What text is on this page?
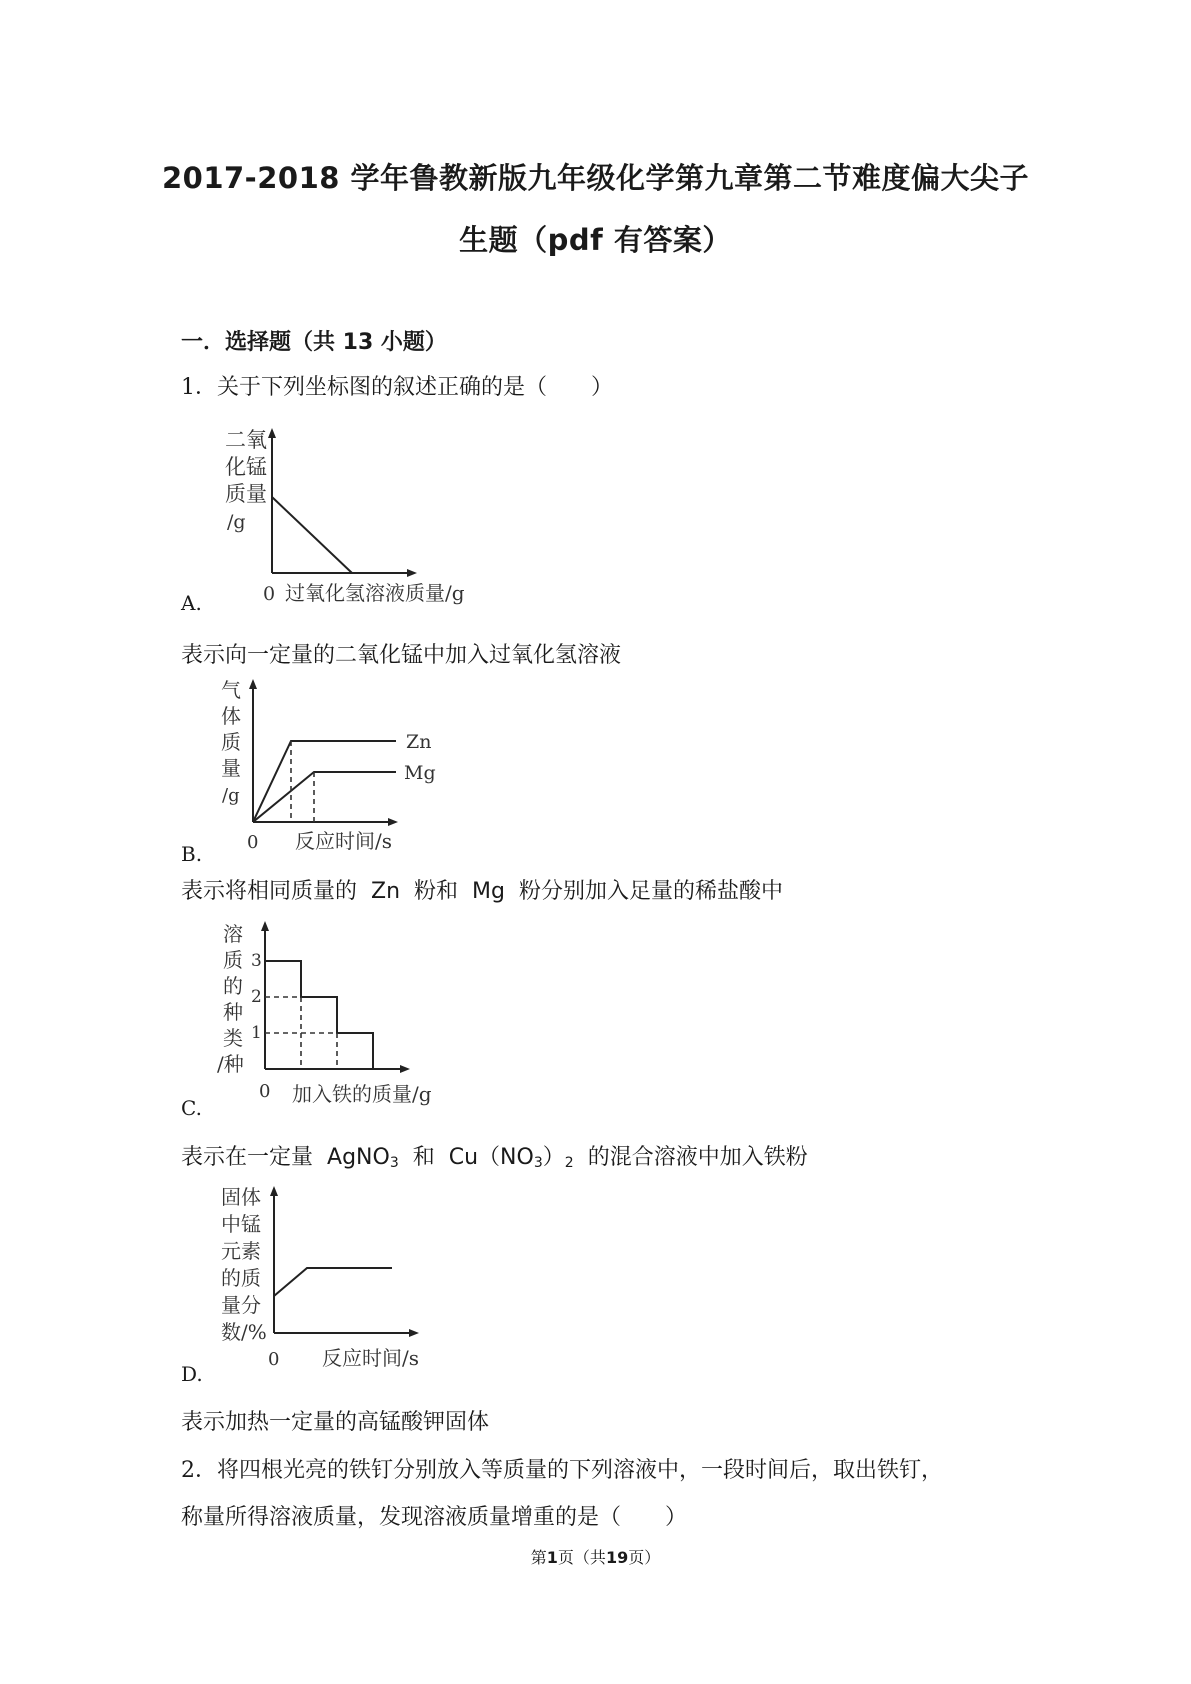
2017-2018 学年鲁教新版九年级化学第九章第二节难度偏大尖子
生题（pdf 有答案）
一．选择题（共 13 小题）
1．关于下列坐标图的叙述正确的是（　　）
二氧
化锰
质量
/g
0 过氧化氢溶液质量/g
A.
表示向一定量的二氧化锰中加入过氧化氢溶液
气
体
质
量
/g
Zn
Mg
0 反应时间/s
B.
表示将相同质量的 Zn 粉和 Mg 粉分别加入足量的稀盐酸中
溶
质
的
种
类
/种
3
2
1
0 加入铁的质量/g
C.
表示在一定量 AgNO$_3$ 和 $Cu(NO_3)_2$ 的混合溶液中加入铁粉
固体
中锰
元素
的质
量分
数/%
0 反应时间/s
D.
表示加热一定量的高锰酸钾固体
2．将四根光亮的铁钉分别放入等质量的下列溶液中，一段时间后，取出铁钉，
称量所得溶液质量，发现溶液质量增重的是（　　）
第1页（共19页）
